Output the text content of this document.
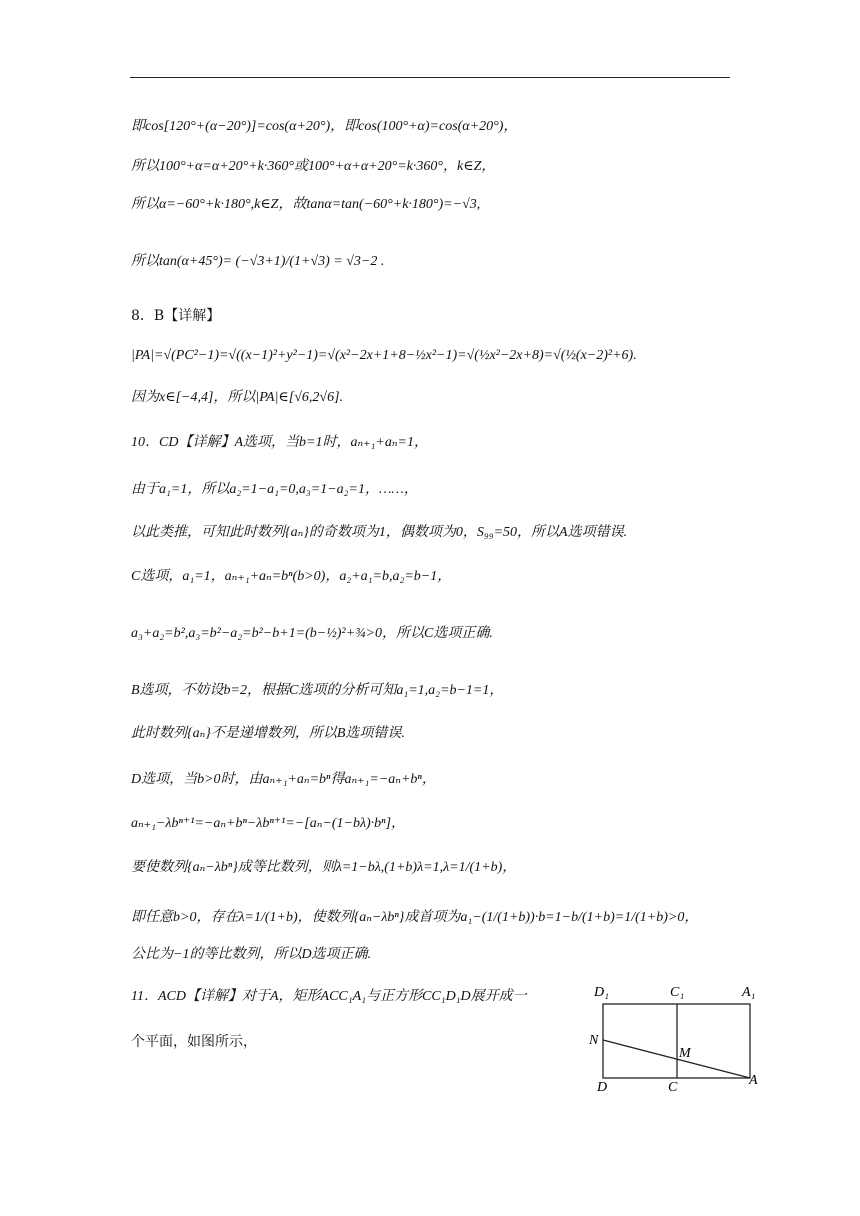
即cos[120°+(α−20°)]=cos(α+20°)，即cos(100°+α)=cos(α+20°)，
所以100°+α=α+20°+k·360°或100°+α+α+20°=k·360°，k∈Z，
所以α=−60°+k·180°,k∈Z，故tanα=tan(−60°+k·180°)=−√3,
所以tan(α+45°)= (−√3+1)/(1+√3) = √3−2 .
8．B【详解】
|PA|=√(PC²−1)=√((x−1)²+y²−1)=√(x²−2x+1+8−½x²−1)=√(½x²−2x+8)=√(½(x−2)²+6).
因为x∈[−4,4]，所以|PA|∈[√6,2√6].
10．CD【详解】A选项，当b=1时，aₙ₊₁+aₙ=1，
由于a₁=1，所以a₂=1−a₁=0,a₃=1−a₂=1，……，
以此类推，可知此时数列{aₙ}的奇数项为1，偶数项为0，S₉₉=50，所以A选项错误.
C选项，a₁=1，aₙ₊₁+aₙ=bⁿ(b>0)，a₂+a₁=b,a₂=b−1，
a₃+a₂=b²,a₃=b²−a₂=b²−b+1=(b−½)²+¾>0，所以C选项正确.
B选项，不妨设b=2，根据C选项的分析可知a₁=1,a₂=b−1=1，
此时数列{aₙ}不是递增数列，所以B选项错误.
D选项，当b>0时，由aₙ₊₁+aₙ=bⁿ得aₙ₊₁=−aₙ+bⁿ，
aₙ₊₁−λbⁿ⁺¹=−aₙ+bⁿ−λbⁿ⁺¹=−[aₙ−(1−bλ)·bⁿ]，
要使数列{aₙ−λbⁿ}成等比数列，则λ=1−bλ,(1+b)λ=1,λ=1/(1+b)，
即任意b>0，存在λ=1/(1+b)，使数列{aₙ−λbⁿ}成首项为a₁−(1/(1+b))·b=1−b/(1+b)=1/(1+b)>0，
公比为−1的等比数列，所以D选项正确.
11．ACD【详解】对于A，矩形ACC₁A₁与正方形CC₁D₁D展开成一
个平面，如图所示，
D₁	C₁	A₁
N
M
D	C	A
